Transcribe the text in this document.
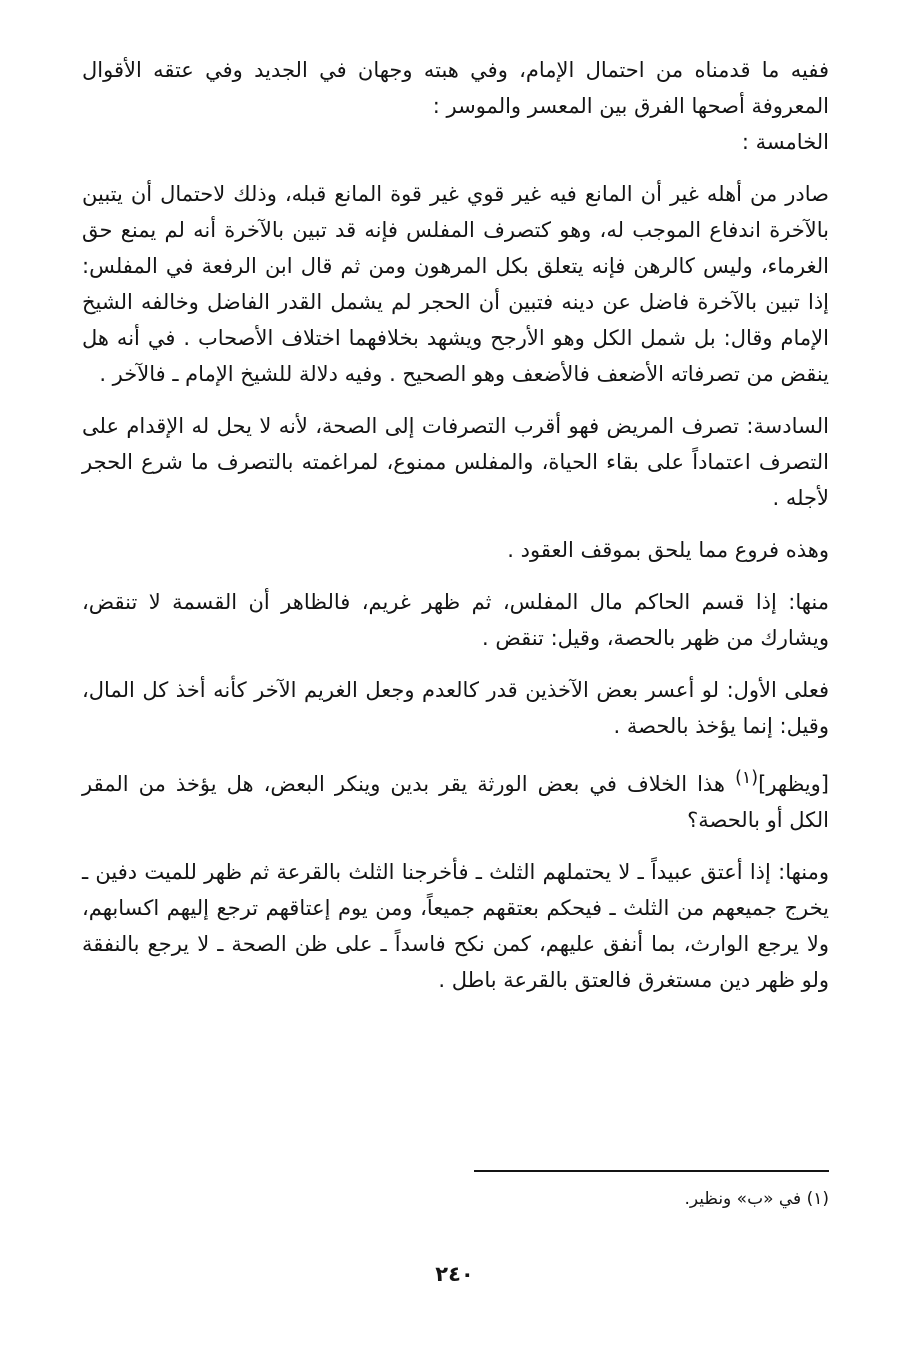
ففيه ما قدمناه من احتمال الإمام، وفي هبته وجهان في الجديد وفي عتقه الأقوال المعروفة أصحها الفرق بين المعسر والموسر :

الخامسة :

صادر من أهله غير أن المانع فيه غير قوي غير قوة المانع قبله، وذلك لاحتمال أن يتبين بالآخرة اندفاع الموجب له، وهو كتصرف المفلس فإنه قد تبين بالآخرة أنه لم يمنع حق الغرماء، وليس كالرهن فإنه يتعلق بكل المرهون ومن ثم قال ابن الرفعة في المفلس: إذا تبين بالآخرة فاضل عن دينه فتبين أن الحجر لم يشمل القدر الفاضل وخالفه الشيخ الإمام وقال: بل شمل الكل وهو الأرجح ويشهد بخلافهما اختلاف الأصحاب . في أنه هل ينقض من تصرفاته الأضعف فالأضعف وهو الصحيح . وفيه دلالة للشيخ الإمام ـ فالآخر .

السادسة: تصرف المريض فهو أقرب التصرفات إلى الصحة، لأنه لا يحل له الإقدام على التصرف اعتماداً على بقاء الحياة، والمفلس ممنوع، لمراغمته بالتصرف ما شرع الحجر لأجله .

وهذه فروع مما يلحق بموقف العقود .

منها: إذا قسم الحاكم مال المفلس، ثم ظهر غريم، فالظاهر أن القسمة لا تنقض، ويشارك من ظهر بالحصة، وقيل: تنقض .

فعلى الأول: لو أعسر بعض الآخذين قدر كالعدم وجعل الغريم الآخر كأنه أخذ كل المال، وقيل: إنما يؤخذ بالحصة .

[ويظهر]$^{(١)}$ هذا الخلاف في بعض الورثة يقر بدين وينكر البعض، هل يؤخذ من المقر الكل أو بالحصة؟

ومنها: إذا أعتق عبيداً ـ لا يحتملهم الثلث ـ فأخرجنا الثلث بالقرعة ثم ظهر للميت دفين ـ يخرج جميعهم من الثلث ـ فيحكم بعتقهم جميعاً، ومن يوم إعتاقهم ترجع إليهم اكسابهم، ولا يرجع الوارث، بما أنفق عليهم، كمن نكح فاسداً ـ على ظن الصحة ـ لا يرجع بالنفقة ولو ظهر دين مستغرق فالعتق بالقرعة باطل .

(١) في «ب» ونظير.

٢٤٠
